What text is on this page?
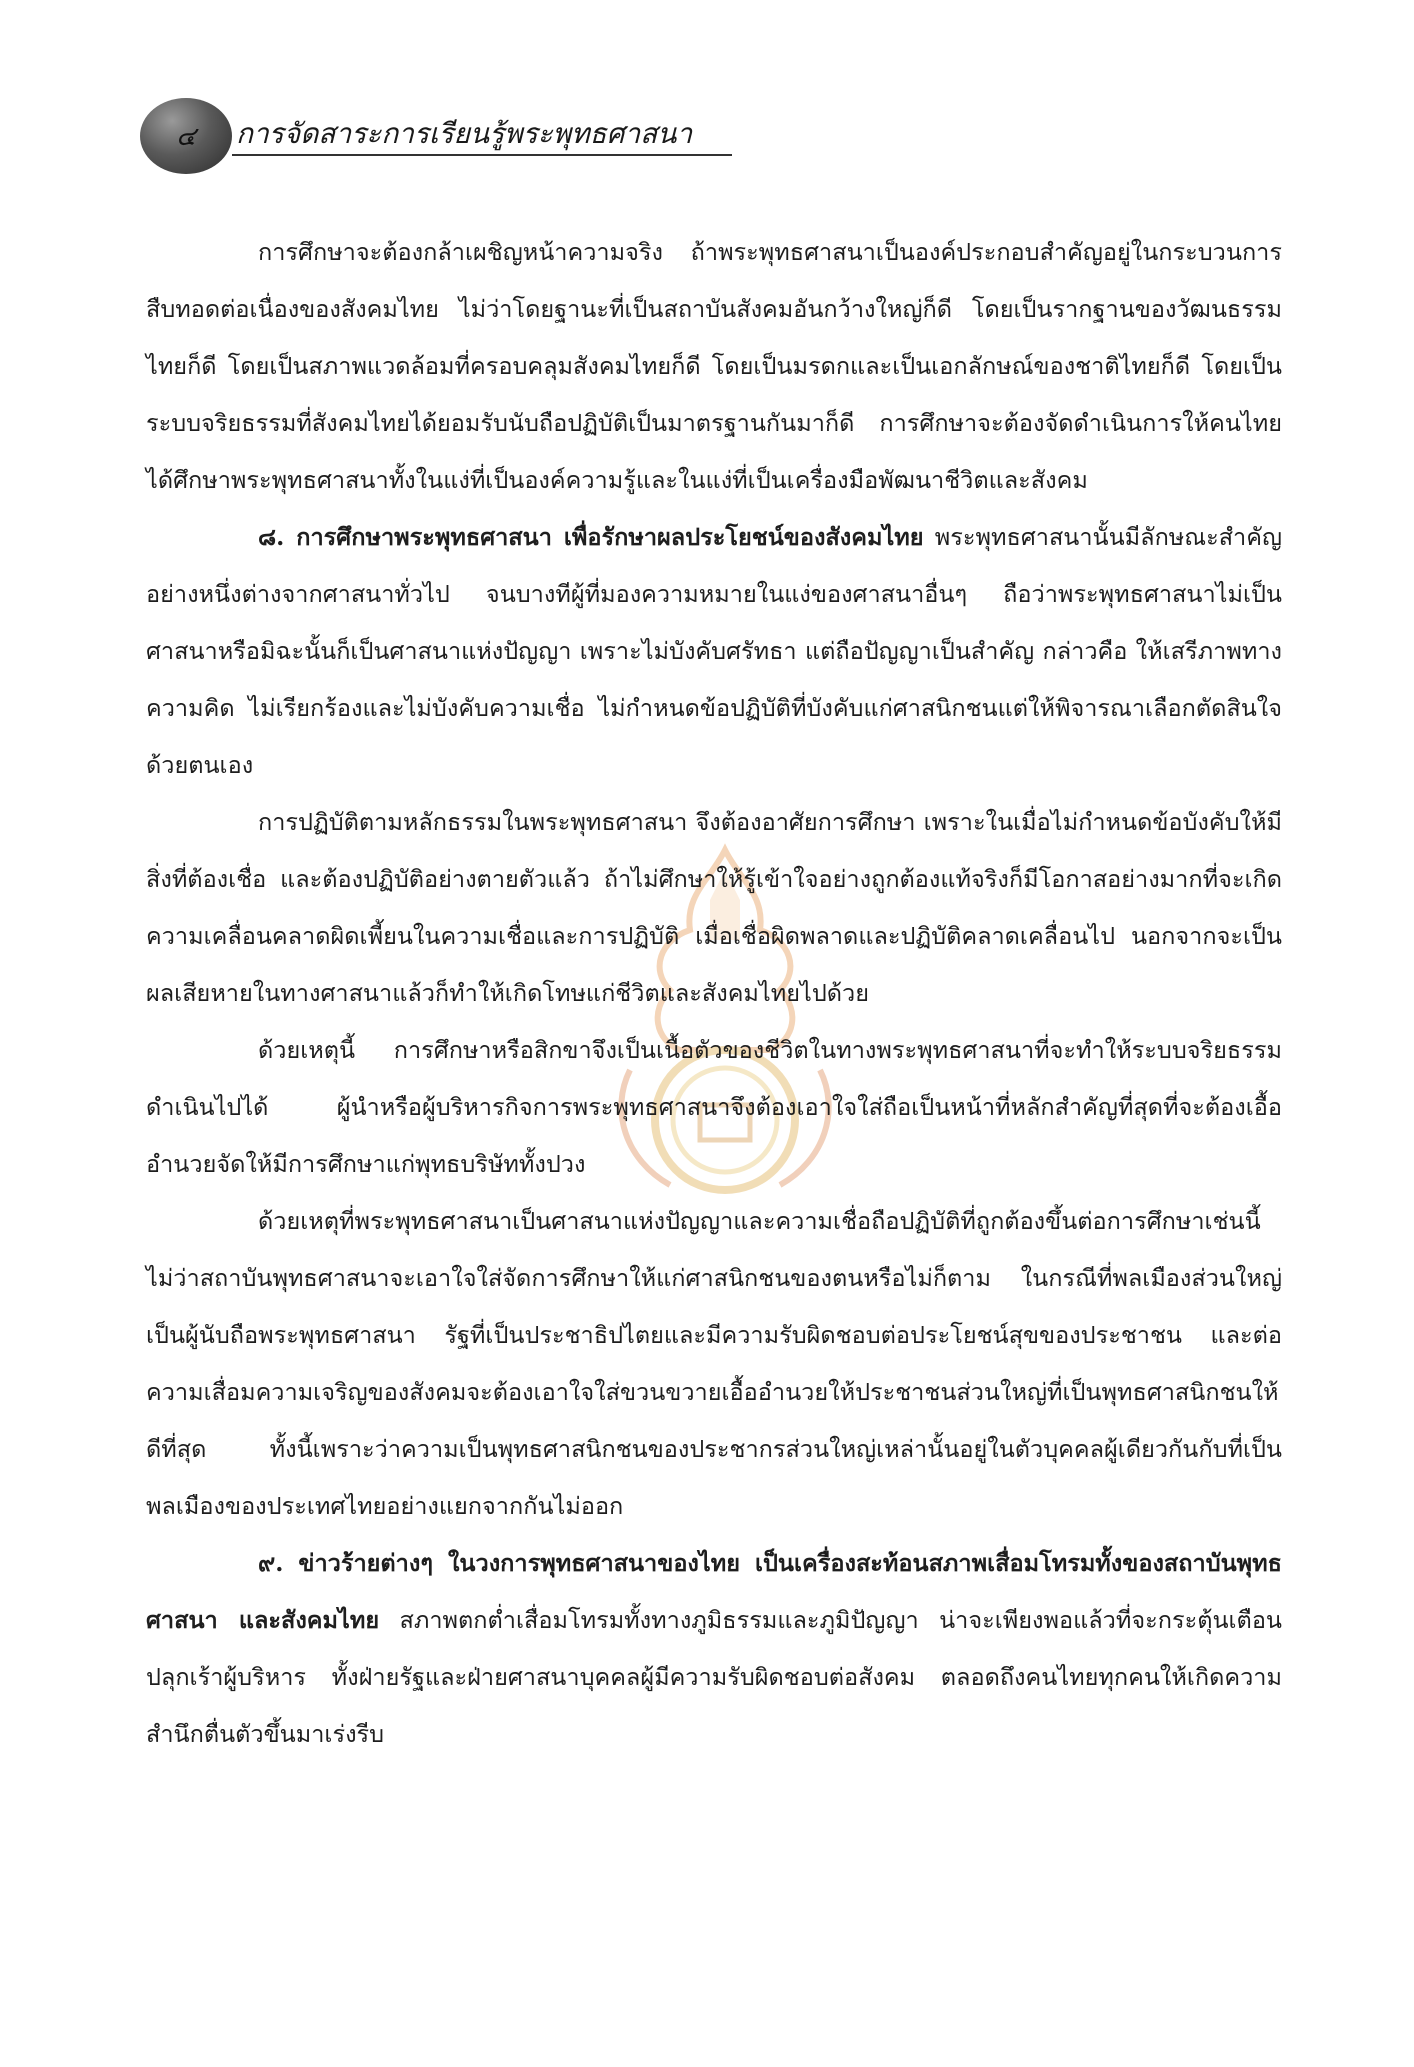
๔ การจัดสาระการเรียนรู้พระพุทธศาสนา

การศึกษาจะต้องกล้าเผชิญหน้าความจริง ถ้าพระพุทธศาสนาเป็นองค์ประกอบสำคัญอยู่ในกระบวนการสืบทอดต่อเนื่องของสังคมไทย ไม่ว่าโดยฐานะที่เป็นสถาบันสังคมอันกว้างใหญ่ก็ดี โดยเป็นรากฐานของวัฒนธรรมไทยก็ดี โดยเป็นสภาพแวดล้อมที่ครอบคลุมสังคมไทยก็ดี โดยเป็นมรดกและเป็นเอกลักษณ์ของชาติไทยก็ดี โดยเป็นระบบจริยธรรมที่สังคมไทยได้ยอมรับนับถือปฏิบัติเป็นมาตรฐานกันมาก็ดี การศึกษาจะต้องจัดดำเนินการให้คนไทยได้ศึกษาพระพุทธศาสนาทั้งในแง่ที่เป็นองค์ความรู้และในแง่ที่เป็นเครื่องมือพัฒนาชีวิตและสังคม

๘. การศึกษาพระพุทธศาสนา เพื่อรักษาผลประโยชน์ของสังคมไทย พระพุทธศาสนานั้นมีลักษณะสำคัญอย่างหนึ่งต่างจากศาสนาทั่วไป จนบางทีผู้ที่มองความหมายในแง่ของศาสนาอื่นๆ ถือว่าพระพุทธศาสนาไม่เป็นศาสนาหรือมิฉะนั้นก็เป็นศาสนาแห่งปัญญา เพราะไม่บังคับศรัทธา แต่ถือปัญญาเป็นสำคัญ กล่าวคือ ให้เสรีภาพทางความคิด ไม่เรียกร้องและไม่บังคับความเชื่อ ไม่กำหนดข้อปฏิบัติที่บังคับแก่ศาสนิกชนแต่ให้พิจารณาเลือกตัดสินใจด้วยตนเอง

การปฏิบัติตามหลักธรรมในพระพุทธศาสนา จึงต้องอาศัยการศึกษา เพราะในเมื่อไม่กำหนดข้อบังคับให้มีสิ่งที่ต้องเชื่อ และต้องปฏิบัติอย่างตายตัวแล้ว ถ้าไม่ศึกษาให้รู้เข้าใจอย่างถูกต้องแท้จริงก็มีโอกาสอย่างมากที่จะเกิดความเคลื่อนคลาดผิดเพี้ยนในความเชื่อและการปฏิบัติ เมื่อเชื่อผิดพลาดและปฏิบัติคลาดเคลื่อนไป นอกจากจะเป็นผลเสียหายในทางศาสนาแล้วก็ทำให้เกิดโทษแก่ชีวิตและสังคมไทยไปด้วย

ด้วยเหตุนี้ การศึกษาหรือสิกขาจึงเป็นเนื้อตัวของชีวิตในทางพระพุทธศาสนาที่จะทำให้ระบบจริยธรรมดำเนินไปได้ ผู้นำหรือผู้บริหารกิจการพระพุทธศาสนาจึงต้องเอาใจใส่ถือเป็นหน้าที่หลักสำคัญที่สุดที่จะต้องเอื้ออำนวยจัดให้มีการศึกษาแก่พุทธบริษัททั้งปวง

ด้วยเหตุที่พระพุทธศาสนาเป็นศาสนาแห่งปัญญาและความเชื่อถือปฏิบัติที่ถูกต้องขึ้นต่อการศึกษาเช่นนี้ ไม่ว่าสถาบันพุทธศาสนาจะเอาใจใส่จัดการศึกษาให้แก่ศาสนิกชนของตนหรือไม่ก็ตาม ในกรณีที่พลเมืองส่วนใหญ่เป็นผู้นับถือพระพุทธศาสนา รัฐที่เป็นประชาธิปไตยและมีความรับผิดชอบต่อประโยชน์สุขของประชาชน และต่อความเสื่อมความเจริญของสังคมจะต้องเอาใจใส่ขวนขวายเอื้ออำนวยให้ประชาชนส่วนใหญ่ที่เป็นพุทธศาสนิกชนให้ดีที่สุด ทั้งนี้เพราะว่าความเป็นพุทธศาสนิกชนของประชากรส่วนใหญ่เหล่านั้นอยู่ในตัวบุคคลผู้เดียวกันกับที่เป็นพลเมืองของประเทศไทยอย่างแยกจากกันไม่ออก

๙. ข่าวร้ายต่างๆ ในวงการพุทธศาสนาของไทย เป็นเครื่องสะท้อนสภาพเสื่อมโทรมทั้งของสถาบันพุทธศาสนา และสังคมไทย สภาพตกต่ำเสื่อมโทรมทั้งทางภูมิธรรมและภูมิปัญญา น่าจะเพียงพอแล้วที่จะกระตุ้นเตือนปลุกเร้าผู้บริหาร ทั้งฝ่ายรัฐและฝ่ายศาสนาบุคคลผู้มีความรับผิดชอบต่อสังคม ตลอดถึงคนไทยทุกคนให้เกิดความสำนึกตื่นตัวขึ้นมาเร่งรีบ
